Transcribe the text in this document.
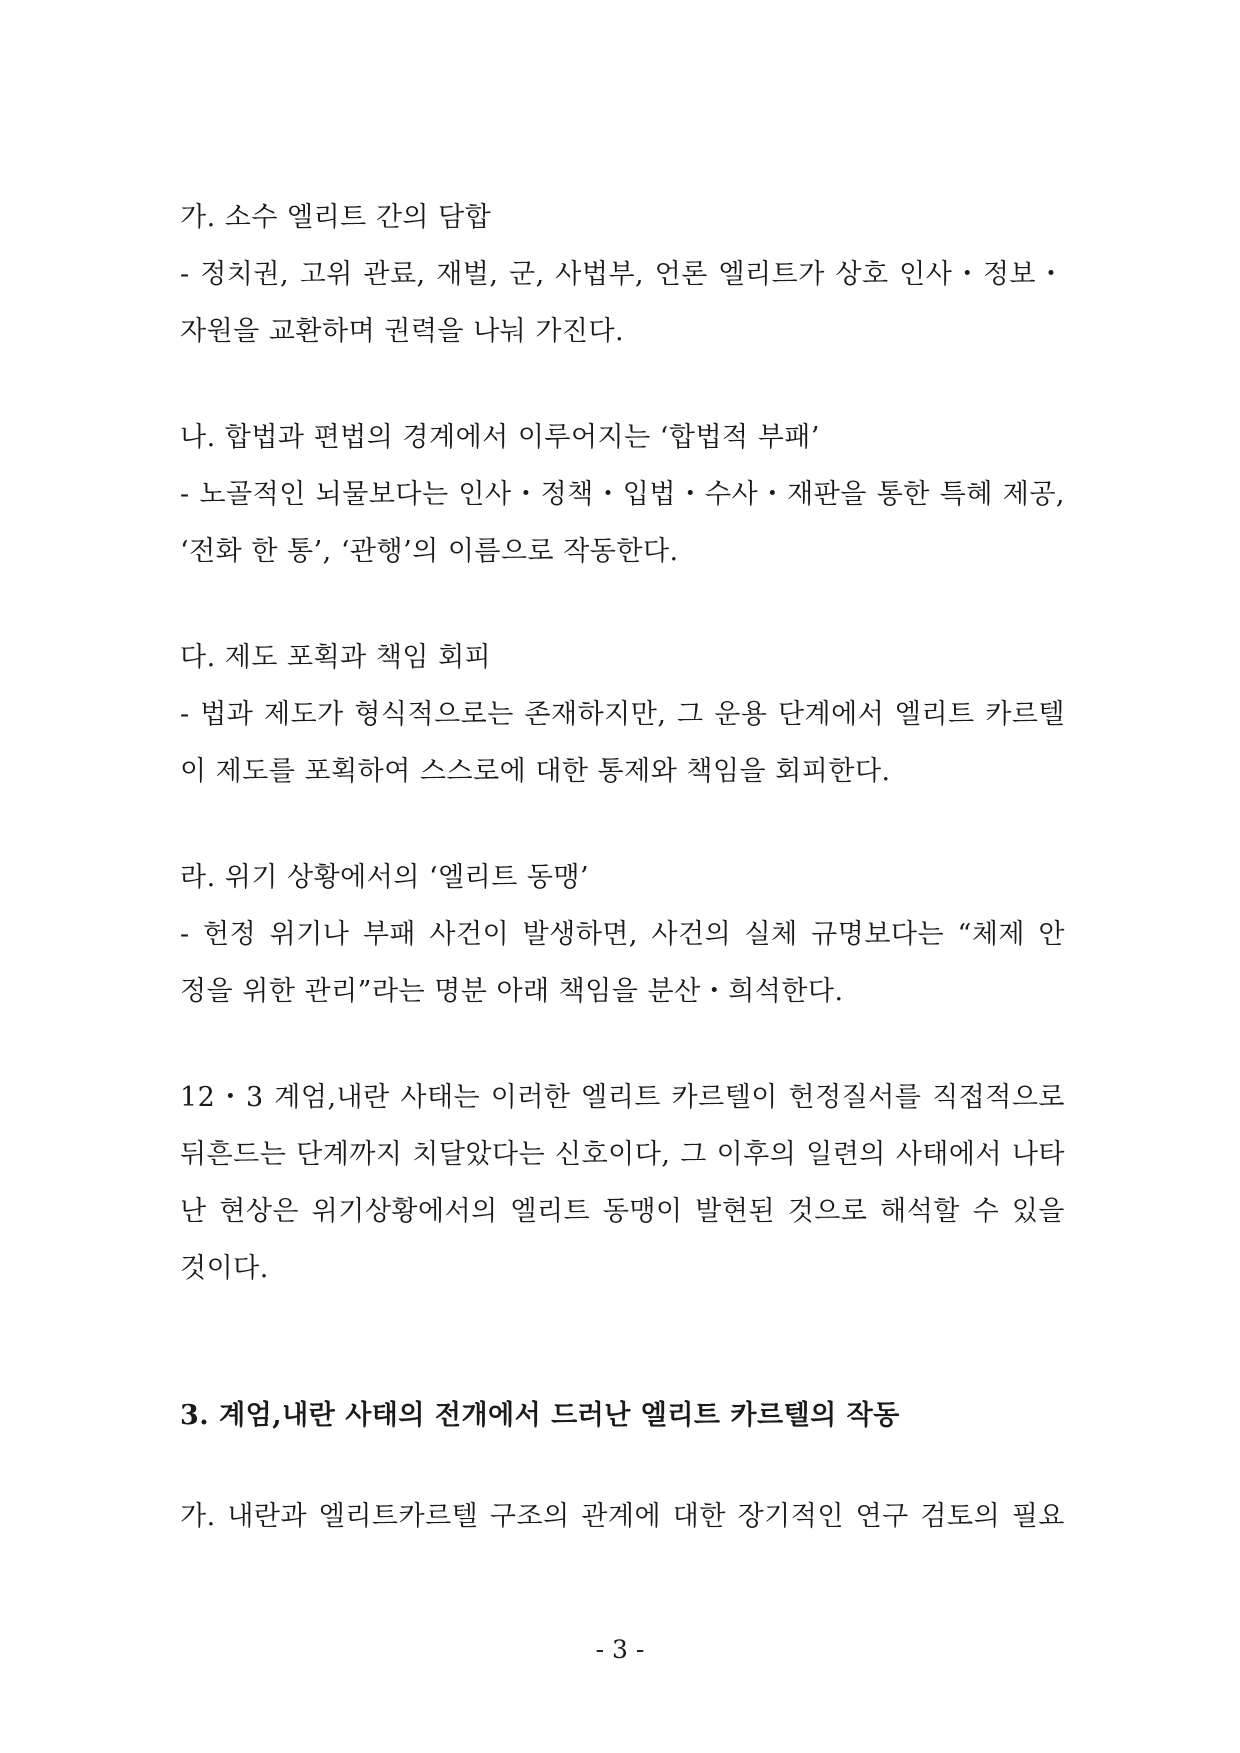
가. 소수 엘리트 간의 담합
- 정치권, 고위 관료, 재벌, 군, 사법부, 언론 엘리트가 상호 인사・정보・
자원을 교환하며 권력을 나눠 가진다.
나. 합법과 편법의 경계에서 이루어지는 ‘합법적 부패’
- 노골적인 뇌물보다는 인사・정책・입법・수사・재판을 통한 특혜 제공,
‘전화 한 통’, ‘관행’의 이름으로 작동한다.
다. 제도 포획과 책임 회피
- 법과 제도가 형식적으로는 존재하지만, 그 운용 단계에서 엘리트 카르텔
이 제도를 포획하여 스스로에 대한 통제와 책임을 회피한다.
라. 위기 상황에서의 ‘엘리트 동맹’
- 헌정 위기나 부패 사건이 발생하면, 사건의 실체 규명보다는 “체제 안
정을 위한 관리”라는 명분 아래 책임을 분산・희석한다.
12・3 계엄,내란 사태는 이러한 엘리트 카르텔이 헌정질서를 직접적으로
뒤흔드는 단계까지 치달았다는 신호이다, 그 이후의 일련의 사태에서 나타
난 현상은 위기상황에서의 엘리트 동맹이 발현된 것으로 해석할 수 있을
것이다.
3. 계엄,내란 사태의 전개에서 드러난 엘리트 카르텔의 작동
가. 내란과 엘리트카르텔 구조의 관계에 대한 장기적인 연구 검토의 필요
- 3 -
